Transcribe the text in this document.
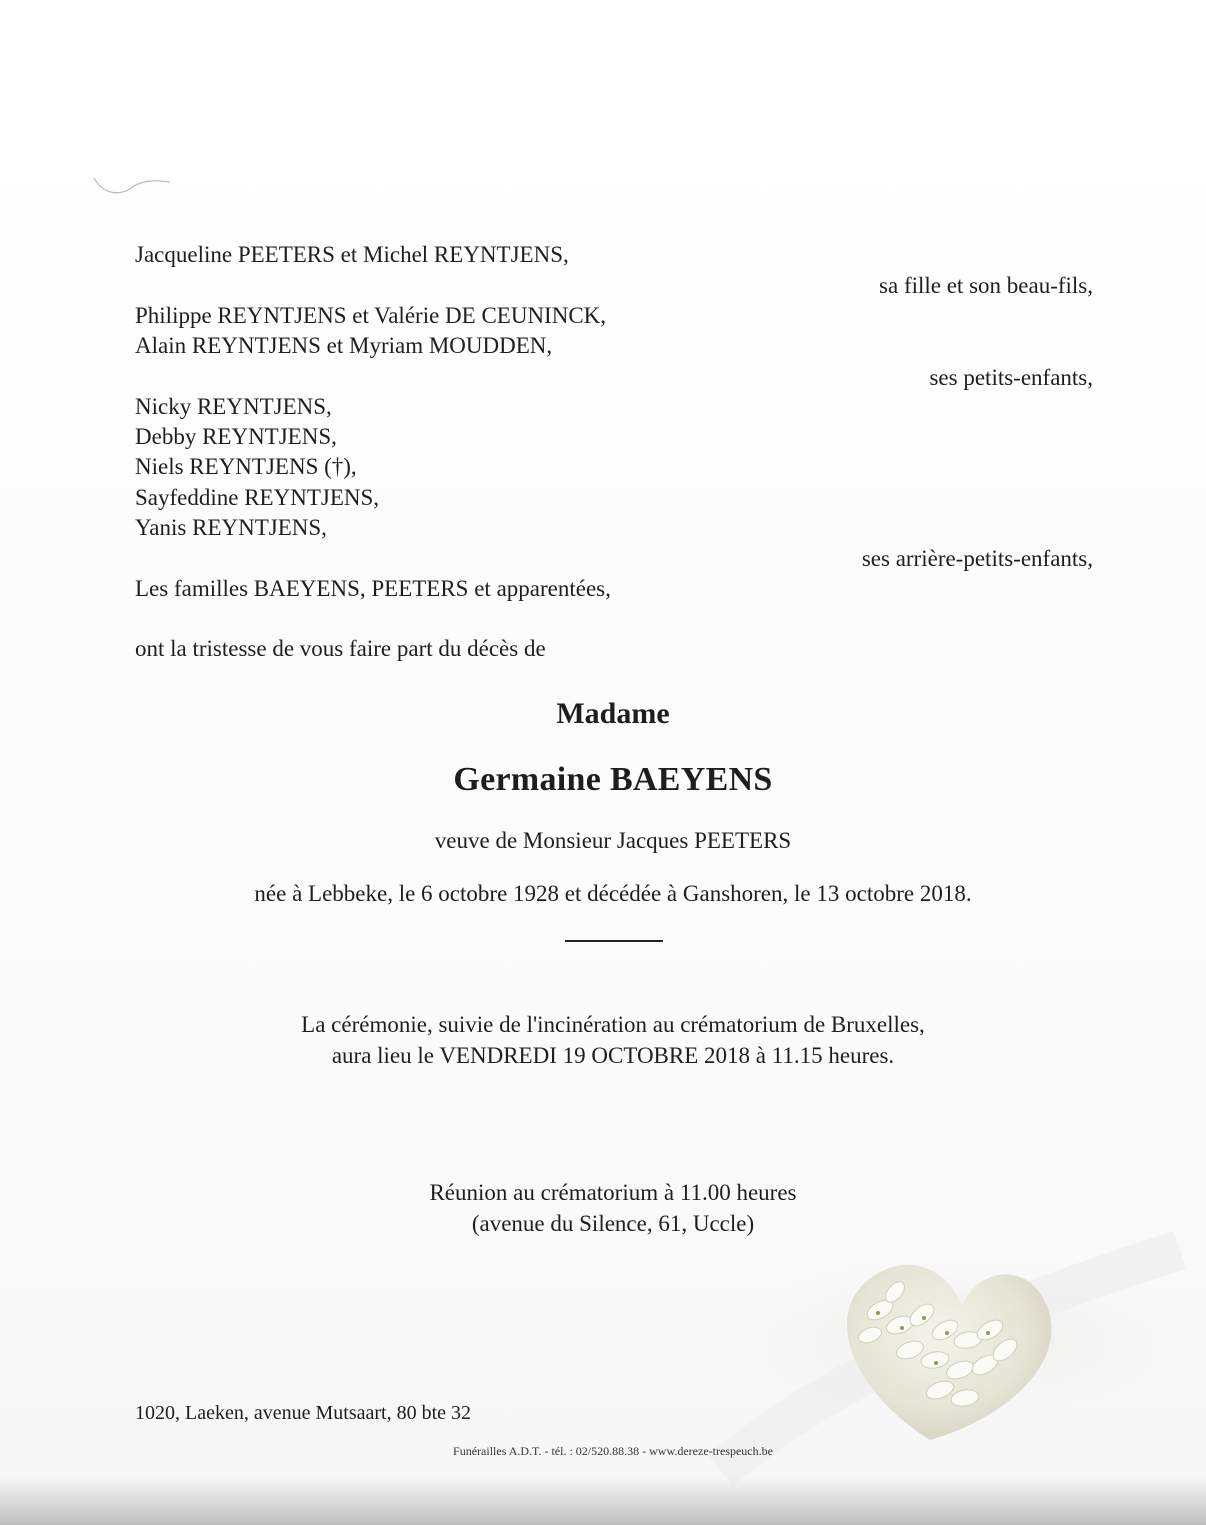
Jacqueline PEETERS et Michel REYNTJENS,
sa fille et son beau-fils,
Philippe REYNTJENS et Valérie DE CEUNINCK,
Alain REYNTJENS et Myriam MOUDDEN,
ses petits-enfants,
Nicky REYNTJENS,
Debby REYNTJENS,
Niels REYNTJENS (†),
Sayfeddine REYNTJENS,
Yanis REYNTJENS,
ses arrière-petits-enfants,
Les familles BAEYENS, PEETERS et apparentées,
ont la tristesse de vous faire part du décès de
Madame
Germaine BAEYENS
veuve de Monsieur Jacques PEETERS
née à Lebbeke, le 6 octobre 1928 et décédée à Ganshoren, le 13 octobre 2018.
La cérémonie, suivie de l'incinération au crématorium de Bruxelles,
aura lieu le VENDREDI 19 OCTOBRE 2018 à 11.15 heures.
Réunion au crématorium à 11.00 heures
(avenue du Silence, 61, Uccle)
1020, Laeken, avenue Mutsaart, 80 bte 32
Funérailles A.D.T. - tél. : 02/520.88.38 - www.dereze-trespeuch.be
